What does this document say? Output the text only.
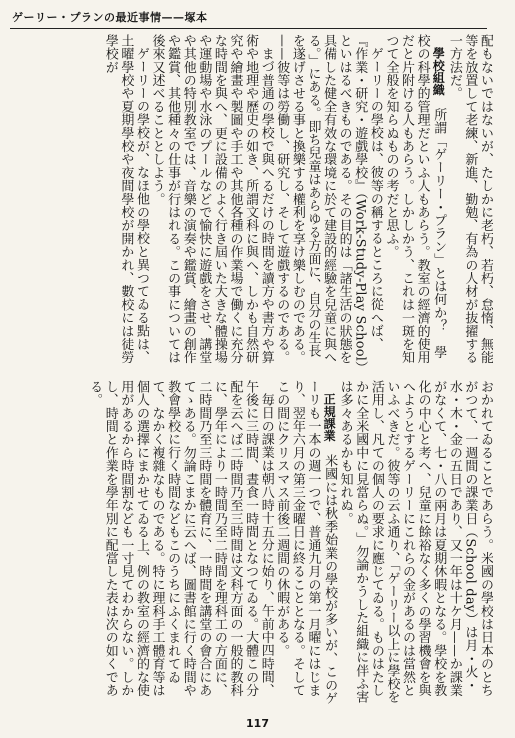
ゲーリー・プランの最近事情——塚本

配もないではないが、たしかに老朽、若朽、怠惰、無能等を放置して老練、新進、勤勉、有為の人材が抜擢する一方法だ。

學校組織　所謂「ゲーリー・プラン」とは何か？　學校の科學的管理だといふ人もあらう。教室の經濟的使用だと片附ける人もあらう。しかしかう、これは一斑を知つて全般を知らぬものの考だと思ふ。

ゲーリーの學校は、彼等の稱するところに從へば、『作業・研究・遊戲學校』（Work-Study-Play School）といはるべきものである。その目的は「諸生活の狀態を具備した健全有效な環境に於て建設的經驗を兒童に與へる。」にある。即ち兒童はあらゆる方面に、自分の生長を遂げさせる事と換樂する權利を享け樂しむのである。——彼等は勞働し、研究し、そして遊戲するのである。

まづ普通の學校で與へるだけの時間を讀方や書方や算術や地理や歷史の如き、所謂文科に與へ、しかも自然研究や繪畫や製圖や手工や其他各種の作業場で働くに充分な時間を與へ、更に設備のよく行き屆いた大きな體操場や運動場や水泳のプールなどで愉快に遊戲をさせ、講堂や其他の特別教室では、音樂の演奏や鑑賞、繪畫の創作や鑑賞、其他種々の仕事が行はれる。この事については後來又述べることとしよう。

ゲーリーの學校が、なほ他の學校と異つてゐる點は、土曜學校や夏期學校や夜間學校が開かれ、數校には徒勞學校が

おかれてゐることであらう。米國の學校は日本のとちがつて、一週間の課業日（School day）は月・火・水・木・金の五日であり、又一年は十ケ月——か課業がなくて、七・八の兩月は夏期休暇となる。學校を教化の中心と考へ、兒童に餘裕なく多くの學習機會を與へようとするゲーリーにこれらの金があるのは當然といふべきだ。彼等の云ふ通り、「ゲーリー以上に學校を活用し、凡ての個人の要求に應じてゐる。ものはたしかに全米國中に見當らぬ。」勿論かうした組織に伴ふ害は多々あるかも知れぬ。

正規課業　米國には秋季始業の學校が多いが、このゲーリも一本の週一つで、普通九月の第一月曜にはじまり、翌年六月の第三金曜日に終ることとなる。そしてこの間にクリスマス前後二週間の休暇がある。

毎日の課業は朝八時十五分に始り、午前中四時間、午後に三時間、晝食一時間となつてゐる。大體この分配を云へば二時間乃至三時間は文科方面の一般的教科に、學年により一時間乃至二時間を理科工の方面に、二時間乃至三時間を體育に、一時間を講堂の會合にあてゝある。勿論こまかに云へば、圖書館に行く時間や教會學校に行く時間などもこのうちにふくまれてゐて、なかく複雜なものである。特に理科手工體育等は個人の選擇にまかせてゐる上、例の教室の經濟的な使用があるから時間割なども一寸見てわからない。しかし、時間と作業を學年別に配當した表は次の如くである。

117
